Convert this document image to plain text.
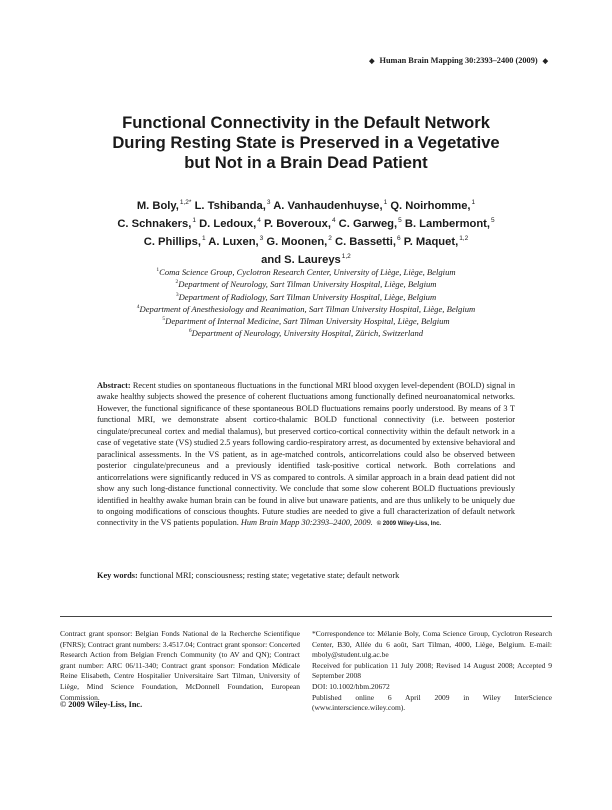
◆ Human Brain Mapping 30:2393–2400 (2009) ◆
Functional Connectivity in the Default Network
During Resting State is Preserved in a Vegetative
but Not in a Brain Dead Patient
M. Boly,$^{1,2*}$ L. Tshibanda,$^3$ A. Vanhaudenhuyse,$^1$ Q. Noirhomme,$^1$
C. Schnakers,$^1$ D. Ledoux,$^4$ P. Boveroux,$^4$ C. Garweg,$^5$ B. Lambermont,$^5$
C. Phillips,$^1$ A. Luxen,$^3$ G. Moonen,$^2$ C. Bassetti,$^6$ P. Maquet,$^{1,2}$
and S. Laureys$^{1,2}$
$^1$Coma Science Group, Cyclotron Research Center, University of Liège, Liège, Belgium
$^2$Department of Neurology, Sart Tilman University Hospital, Liège, Belgium
$^3$Department of Radiology, Sart Tilman University Hospital, Liège, Belgium
$^4$Department of Anesthesiology and Reanimation, Sart Tilman University Hospital, Liège, Belgium
$^5$Department of Internal Medicine, Sart Tilman University Hospital, Liège, Belgium
$^6$Department of Neurology, University Hospital, Zürich, Switzerland
Abstract: Recent studies on spontaneous fluctuations in the functional MRI blood oxygen level-dependent (BOLD) signal in awake healthy subjects showed the presence of coherent fluctuations among functionally defined neuroanatomical networks. However, the functional significance of these spontaneous BOLD fluctuations remains poorly understood. By means of 3 T functional MRI, we demonstrate absent cortico-thalamic BOLD functional connectivity (i.e. between posterior cingulate/precuneal cortex and medial thalamus), but preserved cortico-cortical connectivity within the default network in a case of vegetative state (VS) studied 2.5 years following cardio-respiratory arrest, as documented by extensive behavioral and paraclinical assessments. In the VS patient, as in age-matched controls, anticorrelations could also be observed between posterior cingulate/precuneus and a previously identified task-positive cortical network. Both correlations and anticorrelations were significantly reduced in VS as compared to controls. A similar approach in a brain dead patient did not show any such long-distance functional connectivity. We conclude that some slow coherent BOLD fluctuations previously identified in healthy awake human brain can be found in alive but unaware patients, and are thus unlikely to be uniquely due to ongoing modifications of conscious thoughts. Future studies are needed to give a full characterization of default network connectivity in the VS patients population. Hum Brain Mapp 30:2393–2400, 2009. © 2009 Wiley-Liss, Inc.
Key words: functional MRI; consciousness; resting state; vegetative state; default network
Contract grant sponsor: Belgian Fonds National de la Recherche Scientifique (FNRS); Contract grant numbers: 3.4517.04; Contract grant sponsor: Concerted Research Action from Belgian French Community (to AV and QN); Contract grant number: ARC 06/11-340; Contract grant sponsor: Fondation Médicale Reine Elisabeth, Centre Hospitalier Universitaire Sart Tilman, University of Liège, Mind Science Foundation, McDonnell Foundation, European Commission.
*Correspondence to: Mélanie Boly, Coma Science Group, Cyclotron Research Center, B30, Allée du 6 août, Sart Tilman, 4000, Liège, Belgium. E-mail: mboly@student.ulg.ac.be
Received for publication 11 July 2008; Revised 14 August 2008; Accepted 9 September 2008
DOI: 10.1002/hbm.20672
Published online 6 April 2009 in Wiley InterScience (www.interscience.wiley.com).
© 2009 Wiley-Liss, Inc.
